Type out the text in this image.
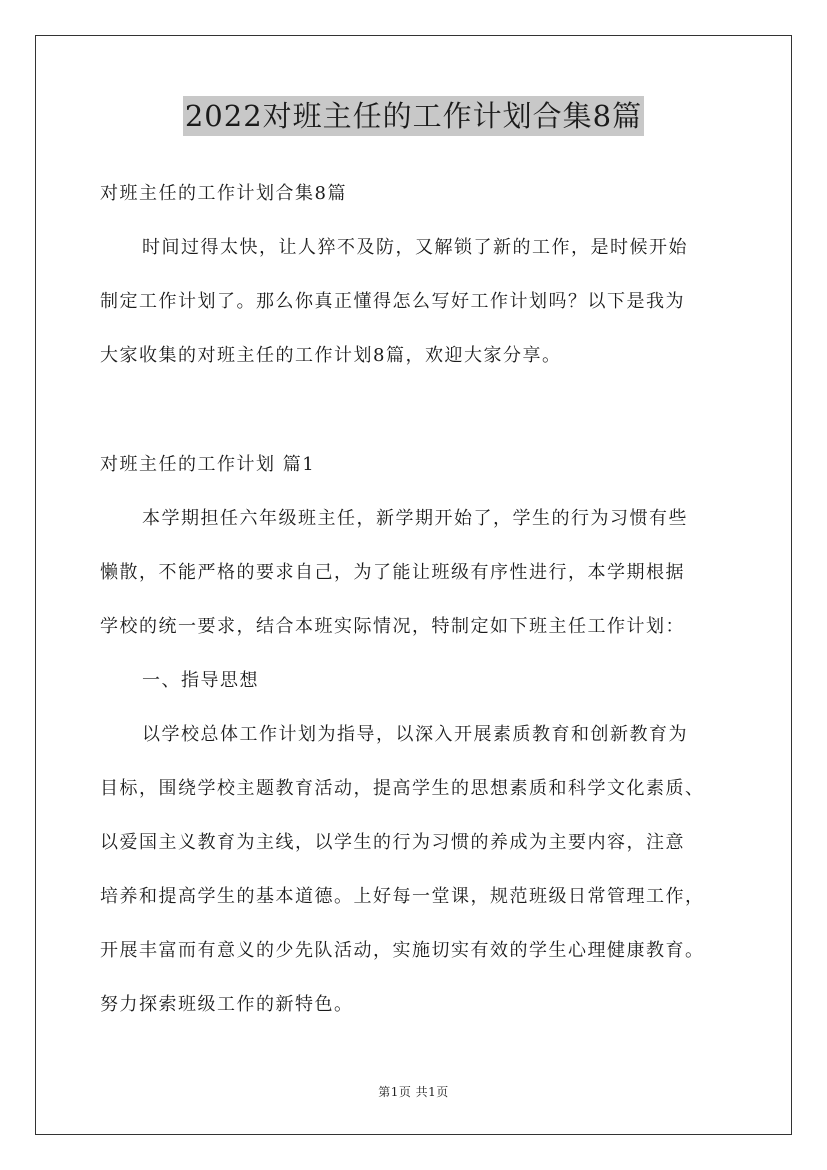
2022对班主任的工作计划合集8篇
对班主任的工作计划合集8篇
时间过得太快，让人猝不及防，又解锁了新的工作，是时候开始
制定工作计划了。那么你真正懂得怎么写好工作计划吗？以下是我为
大家收集的对班主任的工作计划8篇，欢迎大家分享。
对班主任的工作计划 篇1
本学期担任六年级班主任，新学期开始了，学生的行为习惯有些
懒散，不能严格的要求自己，为了能让班级有序性进行，本学期根据
学校的统一要求，结合本班实际情况，特制定如下班主任工作计划：
一、指导思想
以学校总体工作计划为指导，以深入开展素质教育和创新教育为
目标，围绕学校主题教育活动，提高学生的思想素质和科学文化素质、
以爱国主义教育为主线，以学生的行为习惯的养成为主要内容，注意
培养和提高学生的基本道德。上好每一堂课，规范班级日常管理工作，
开展丰富而有意义的少先队活动，实施切实有效的学生心理健康教育。
努力探索班级工作的新特色。
第1页 共1页
